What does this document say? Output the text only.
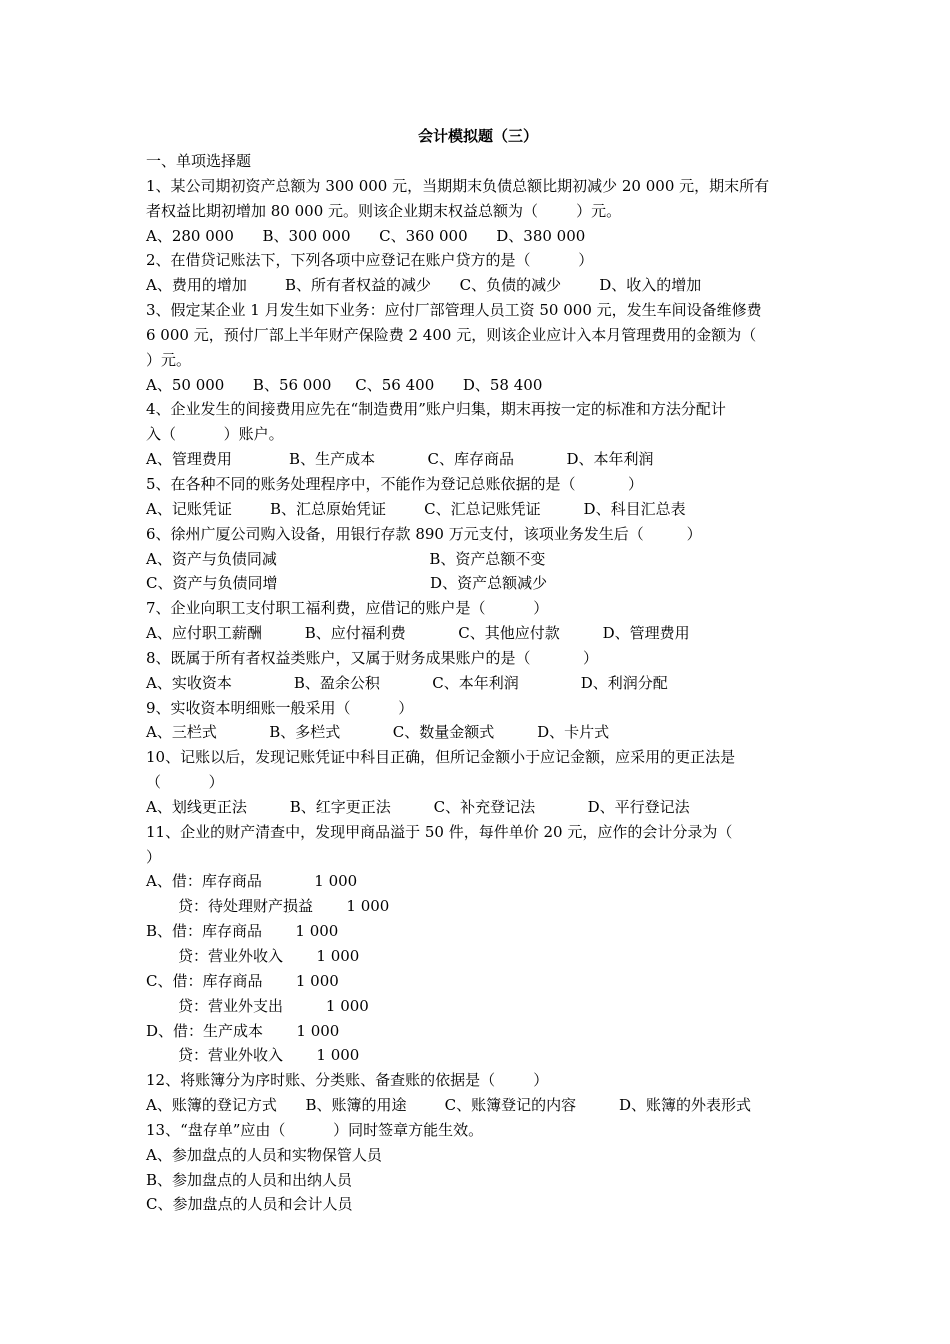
会计模拟题（三）
一、单项选择题
1、某公司期初资产总额为 300 000 元，当期期末负债总额比期初减少 20 000 元，期末所有
者权益比期初增加 80 000 元。则该企业期末权益总额为（        ）元。
A、280 000      B、300 000      C、360 000      D、380 000
2、在借贷记账法下，下列各项中应登记在账户贷方的是（          ）
A、费用的增加        B、所有者权益的减少      C、负债的减少        D、收入的增加
3、假定某企业 1 月发生如下业务：应付厂部管理人员工资 50 000 元，发生车间设备维修费
6 000 元，预付厂部上半年财产保险费 2 400 元，则该企业应计入本月管理费用的金额为（
）元。
A、50 000      B、56 000     C、56 400      D、58 400
4、企业发生的间接费用应先在“制造费用”账户归集，期末再按一定的标准和方法分配计
入（          ）账户。
A、管理费用            B、生产成本           C、库存商品           D、本年利润
5、在各种不同的账务处理程序中，不能作为登记总账依据的是（           ）
A、记账凭证        B、汇总原始凭证        C、汇总记账凭证         D、科目汇总表
6、徐州广厦公司购入设备，用银行存款 890 万元支付，该项业务发生后（         ）
A、资产与负债同减                                B、资产总额不变
C、资产与负债同增                                D、资产总额减少
7、企业向职工支付职工福利费，应借记的账户是（          ）
A、应付职工薪酬         B、应付福利费           C、其他应付款         D、管理费用
8、既属于所有者权益类账户，又属于财务成果账户的是（           ）
A、实收资本             B、盈余公积           C、本年利润             D、利润分配
9、实收资本明细账一般采用（          ）
A、三栏式           B、多栏式           C、数量金额式         D、卡片式
10、记账以后，发现记账凭证中科目正确，但所记金额小于应记金额，应采用的更正法是
（          ）
A、划线更正法         B、红字更正法         C、补充登记法           D、平行登记法
11、企业的财产清查中，发现甲商品溢于 50 件，每件单价 20 元，应作的会计分录为（
）
A、借：库存商品           1 000
贷：待处理财产损益       1 000
B、借：库存商品       1 000
贷：营业外收入       1 000
C、借：库存商品       1 000
贷：营业外支出         1 000
D、借：生产成本       1 000
贷：营业外收入       1 000
12、将账簿分为序时账、分类账、备查账的依据是（        ）
A、账簿的登记方式      B、账簿的用途        C、账簿登记的内容         D、账簿的外表形式
13、“盘存单”应由（          ）同时签章方能生效。
A、参加盘点的人员和实物保管人员
B、参加盘点的人员和出纳人员
C、参加盘点的人员和会计人员
